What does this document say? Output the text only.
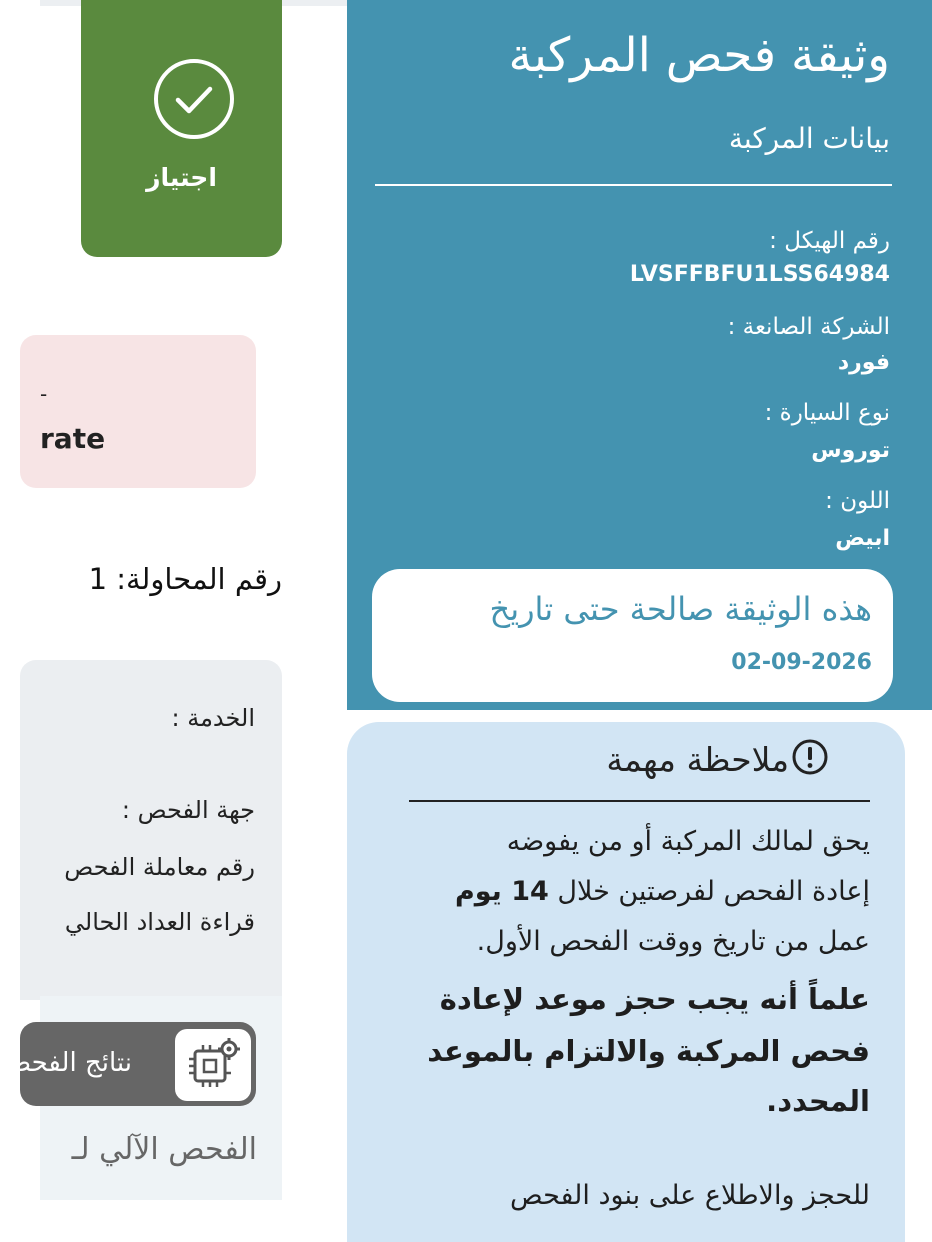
وثيقة فحص المركبة
بيانات المركبة
رقم الهيكل :
LVSFFBFU1LSS64984
الشركة الصانعة :
فورد
نوع السيارة :
توروس
اللون :
ابيض
هذه الوثيقة صالحة حتى تاريخ
02-09-2026
ملاحظة مهمة
يحق لمالك المركبة أو من يفوضه
إعادة الفحص لفرصتين خلال 14 يوم
عمل من تاريخ ووقت الفحص الأول.
علماً أنه يجب حجز موعد لإعادة
فحص المركبة والالتزام بالموعد
المحدد.
للحجز والاطلاع على بنود الفحص
اجتياز
-
rate
رقم المحاولة: 1
الخدمة :
جهة الفحص :
رقم معاملة الفحص
قراءة العداد الحالي
نتائج الفحص
الفحص الآلي لـ
